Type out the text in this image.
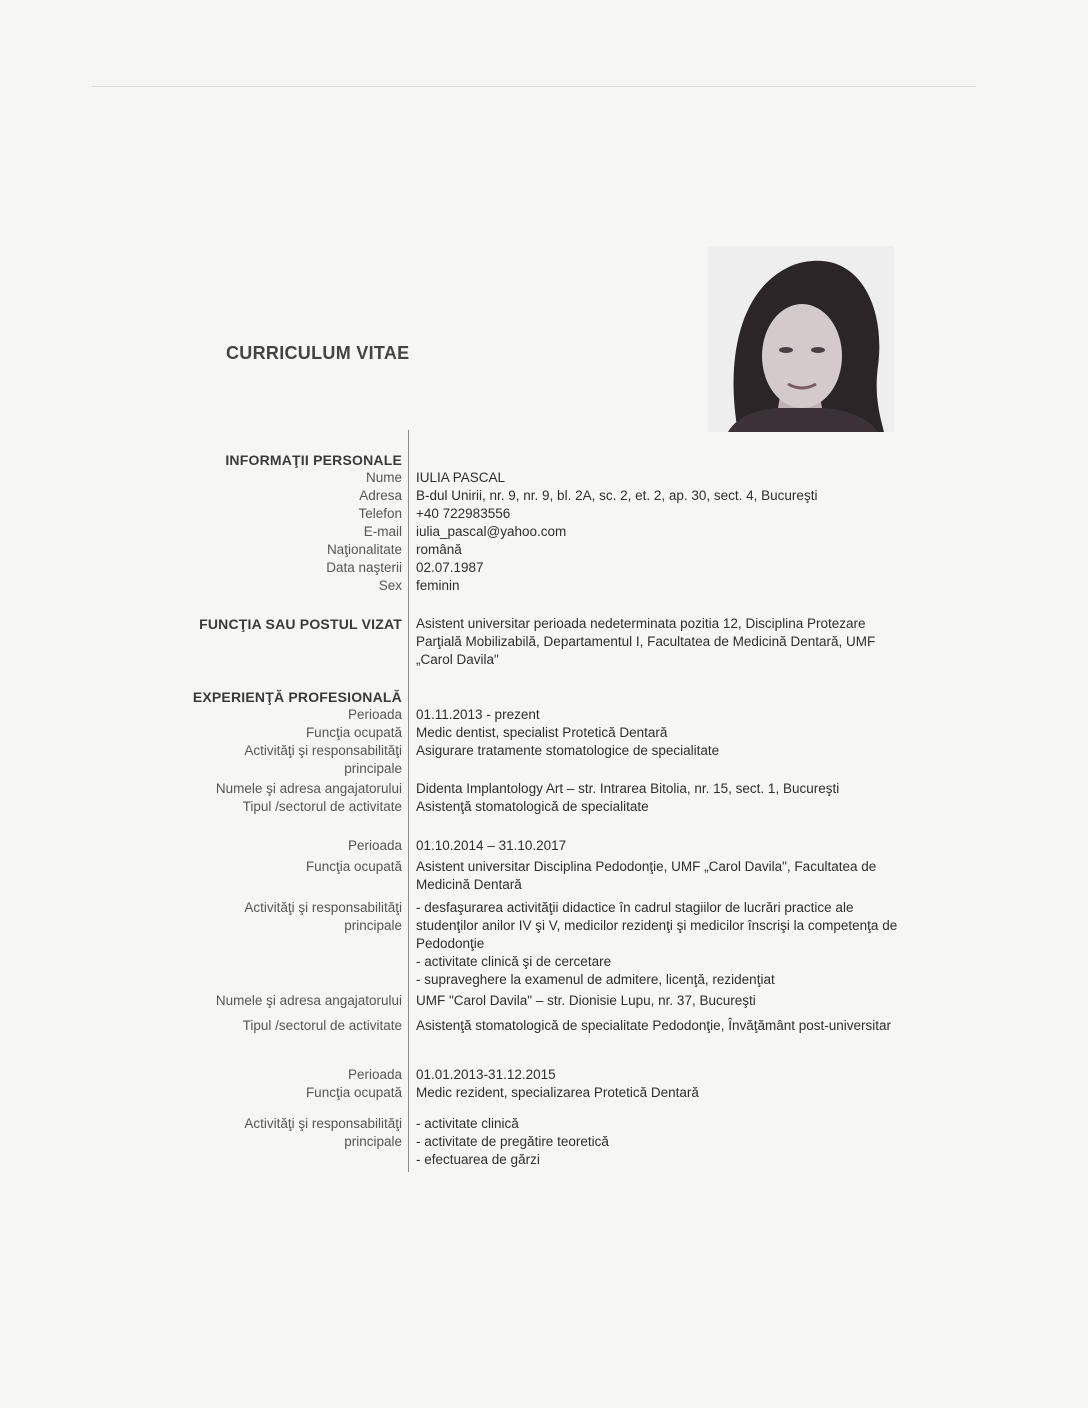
CURRICULUM VITAE
INFORMAŢII PERSONALE
Nume IULIA PASCAL
Adresa B-dul Unirii, nr. 9, nr. 9, bl. 2A, sc. 2, et. 2, ap. 30, sect. 4, Bucureşti
Telefon +40 722983556
E-mail iulia_pascal@yahoo.com
Naţionalitate română
Data naşterii 02.07.1987
Sex feminin
FUNCŢIA SAU POSTUL VIZAT Asistent universitar perioada nedeterminata pozitia 12, Disciplina Protezare Parţială Mobilizabilă, Departamentul I, Facultatea de Medicină Dentară, UMF „Carol Davila"
EXPERIENŢĂ PROFESIONALĂ
Perioada 01.11.2013 - prezent
Funcţia ocupată Medic dentist, specialist Protetică Dentară
Activităţi şi responsabilităţi principale
Asigurare tratamente stomatologice de specialitate
Numele şi adresa angajatorului Didenta Implantology Art – str. Intrarea Bitolia, nr. 15, sect. 1, Bucureşti
Tipul /sectorul de activitate Asistenţă stomatologică de specialitate
Perioada 01.10.2014 – 31.10.2017
Funcţia ocupată Asistent universitar Disciplina Pedodonţie, UMF „Carol Davila", Facultatea de Medicină Dentară
Activităţi şi responsabilităţi principale
- desfaşurarea activităţii didactice în cadrul stagiilor de lucrări practice ale studenţilor anilor IV şi V, medicilor rezidenţi şi medicilor înscrişi la competenţa de Pedodonţie
- activitate clinică şi de cercetare
- supraveghere la examenul de admitere, licenţă, rezidenţiat
Numele şi adresa angajatorului UMF "Carol Davila" – str. Dionisie Lupu, nr. 37, Bucureşti
Tipul /sectorul de activitate Asistenţă stomatologică de specialitate Pedodonţie, Învăţământ post-universitar
Perioada 01.01.2013-31.12.2015
Funcţia ocupată Medic rezident, specializarea Protetică Dentară
Activităţi şi responsabilităţi principale
- activitate clinică
- activitate de pregătire teoretică
- efectuarea de gărzi
